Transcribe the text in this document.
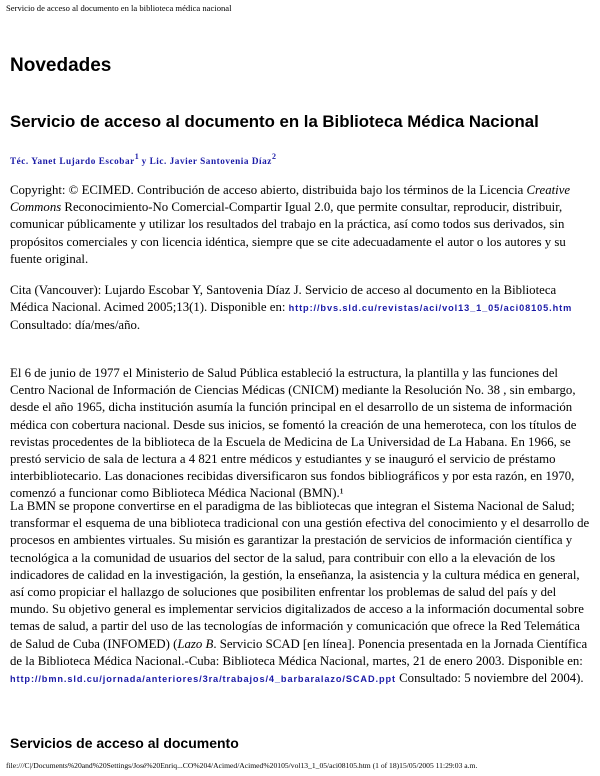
Servicio de acceso al documento en la biblioteca médica nacional
Novedades
Servicio de acceso al documento en la Biblioteca Médica Nacional
Téc. Yanet Lujardo Escobar$^1$ y Lic. Javier Santovenia Díaz$^2$

Copyright: © ECIMED. Contribución de acceso abierto, distribuida bajo los términos de la Licencia Creative Commons Reconocimiento-No Comercial-Compartir Igual 2.0, que permite consultar, reproducir, distribuir, comunicar públicamente y utilizar los resultados del trabajo en la práctica, así como todos sus derivados, sin propósitos comerciales y con licencia idéntica, siempre que se cite adecuadamente el autor o los autores y su fuente original.

Cita (Vancouver): Lujardo Escobar Y, Santovenia Díaz J. Servicio de acceso al documento en la Biblioteca Médica Nacional. Acimed 2005;13(1). Disponible en: http://bvs.sld.cu/revistas/aci/vol13_1_05/aci08105.htm Consultado: día/mes/año.

El 6 de junio de 1977 el Ministerio de Salud Pública estableció la estructura, la plantilla y las funciones del Centro Nacional de Información de Ciencias Médicas (CNICM) mediante la Resolución No. 38 , sin embargo, desde el año 1965, dicha institución asumía la función principal en el desarrollo de un sistema de información médica con cobertura nacional. Desde sus inicios, se fomentó la creación de una hemeroteca, con los títulos de revistas procedentes de la biblioteca de la Escuela de Medicina de La Universidad de La Habana. En 1966, se prestó servicio de sala de lectura a 4 821 entre médicos y estudiantes y se inauguró el servicio de préstamo interbibliotecario. Las donaciones recibidas diversificaron sus fondos bibliográficos y por esta razón, en 1970, comenzó a funcionar como Biblioteca Médica Nacional (BMN).¹

La BMN se propone convertirse en el paradigma de las bibliotecas que integran el Sistema Nacional de Salud; transformar el esquema de una biblioteca tradicional con una gestión efectiva del conocimiento y el desarrollo de procesos en ambientes virtuales. Su misión es garantizar la prestación de servicios de información científica y tecnológica a la comunidad de usuarios del sector de la salud, para contribuir con ello a la elevación de los indicadores de calidad en la investigación, la gestión, la enseñanza, la asistencia y la cultura médica en general, así como propiciar el hallazgo de soluciones que posibiliten enfrentar los problemas de salud del país y del mundo. Su objetivo general es implementar servicios digitalizados de acceso a la información documental sobre temas de salud, a partir del uso de las tecnologías de información y comunicación que ofrece la Red Telemática de Salud de Cuba (INFOMED) (Lazo B. Servicio SCAD [en línea]. Ponencia presentada en la Jornada Científica de la Biblioteca Médica Nacional.-Cuba: Biblioteca Médica Nacional, martes, 21 de enero 2003. Disponible en: http://bmn.sld.cu/jornada/anteriores/3ra/trabajos/4_barbaralazo/SCAD.ppt Consultado: 5 noviembre del 2004).

Servicios de acceso al documento
file:///C|/Documents%20and%20Settings/José%20Enriq...CO%204/Acimed/Acimed%20105/vol13_1_05/aci08105.htm (1 of 18)15/05/2005 11:29:03 a.m.
